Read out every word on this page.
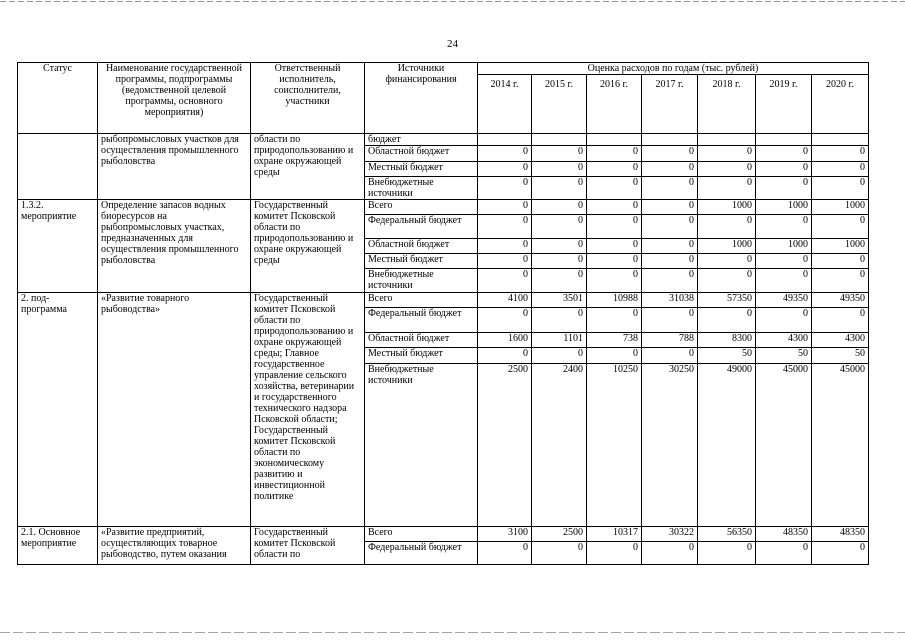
24
Статус	Наименование государственной программы, подпрограммы (ведомственной целевой программы, основного мероприятия)	Ответственный исполнитель, соисполнители, участники	Источники финансирования	Оценка расходов по годам (тыс. рублей)						
				2014 г.	2015 г.	2016 г.	2017 г.	2018 г.	2019 г.	2020 г.
	рыбопромысловых участков для осуществления промышленного рыболовства	области по природопользованию и охране окружающей среды	бюджет							
			Областной бюджет	0	0	0	0	0	0	0
			Местный бюджет	0	0	0	0	0	0	0
			Внебюджетные источники	0	0	0	0	0	0	0
1.3.2. мероприятие	Определение запасов водных биоресурсов на рыбопромысловых участках, предназначенных для осуществления промышленного рыболовства	Государственный комитет Псковской области по природопользованию и охране окружающей среды	Всего	0	0	0	0	1000	1000	1000
			Федеральный бюджет	0	0	0	0	0	0	0
			Областной бюджет	0	0	0	0	1000	1000	1000
			Местный бюджет	0	0	0	0	0	0	0
			Внебюджетные источники	0	0	0	0	0	0	0
2. под-программа	«Развитие товарного рыбоводства»	Государственный комитет Псковской области по природопользованию и охране окружающей среды; Главное государственное управление сельского хозяйства, ветеринарии и государственного технического надзора Псковской области; Государственный комитет Псковской области по экономическому развитию и инвестиционной политике	Всего	4100	3501	10988	31038	57350	49350	49350
			Федеральный бюджет	0	0	0	0	0	0	0
			Областной бюджет	1600	1101	738	788	8300	4300	4300
			Местный бюджет	0	0	0	0	50	50	50
			Внебюджетные источники	2500	2400	10250	30250	49000	45000	45000
2.1. Основное мероприятие	«Развитие предприятий, осуществляющих товарное рыбоводство, путем оказания	Государственный комитет Псковской области по	Всего	3100	2500	10317	30322	56350	48350	48350
			Федеральный бюджет	0	0	0	0	0	0	0
